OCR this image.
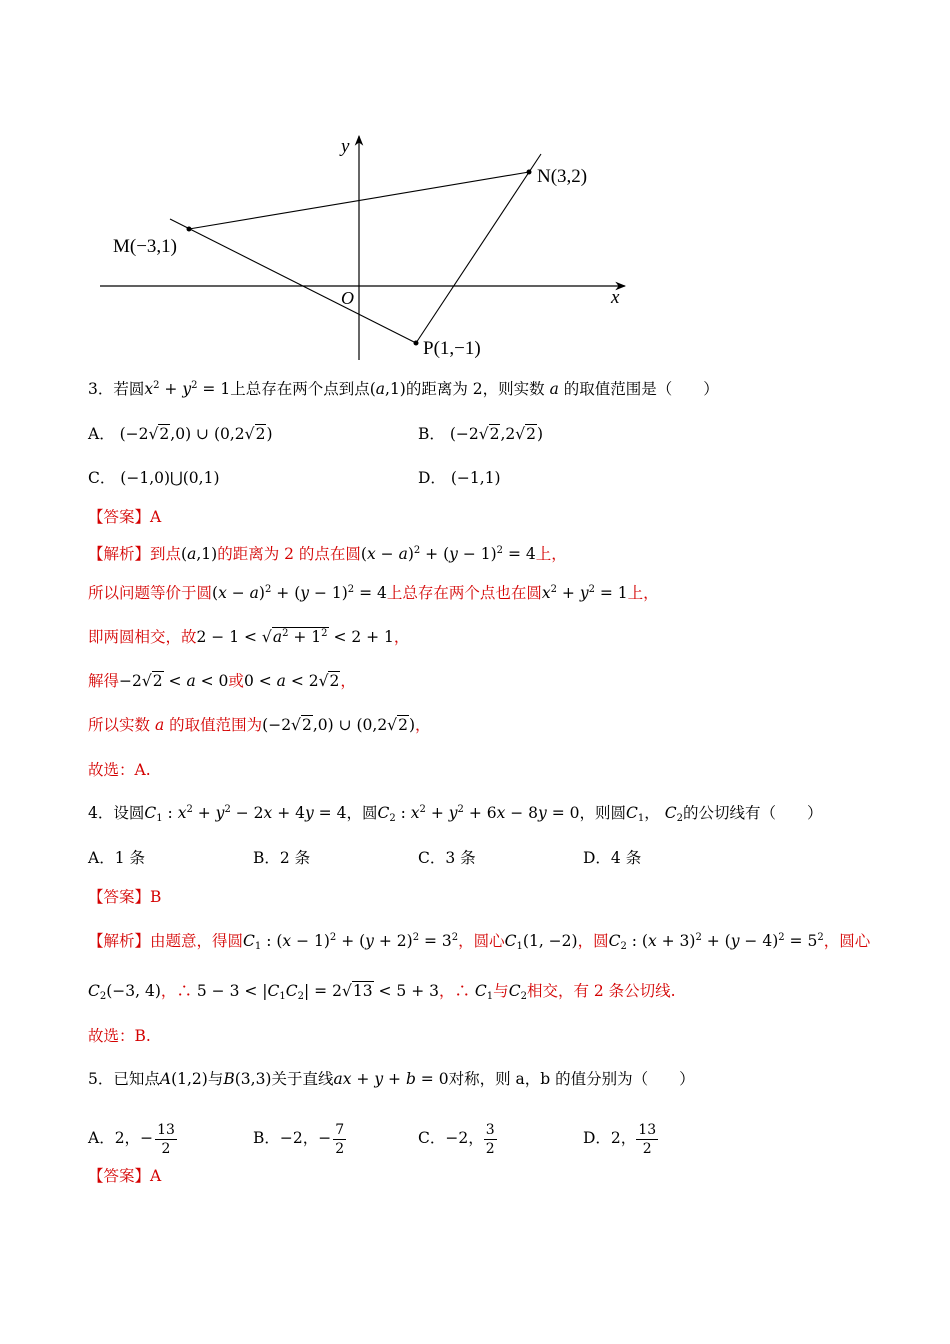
y
x
O
M(−3,1)
N(3,2)
P(1,−1)
3．若圆$x^2 + y^2 = 1$上总存在两个点到点(a,1)的距离为 2，则实数 a 的取值范围是（　　）
A． (−2√2,0) ∪ (0,2√2)	B． (−2√2,2√2)
C． (−1,0)⋃(0,1)	D． (−1,1)
【答案】A
【解析】到点(a,1)的距离为 2 的点在圆$(x - a)^2 + (y - 1)^2 = 4$上，
所以问题等价于圆$(x - a)^2 + (y - 1)^2 = 4$上总存在两个点也在圆$x^2 + y^2 = 1$上，
即两圆相交，故$2 - 1 < √a^2 + 1^2 < 2 + 1$，
解得−2√2 < a < 0或0 < a < 2√2，
所以实数 a 的取值范围为(−2√2,0) ∪ (0,2√2)，
故选：A.
4．设圆$C_1$ : $x^2 + y^2 - 2x + 4y = 4$，圆$C_2$ : $x^2 + y^2 + 6x - 8y = 0$，则圆$C_1$， $C_2$的公切线有（　　）
A．1 条	B．2 条	C．3 条	D．4 条
【答案】B
【解析】由题意，得圆$C_1$ : $(x - 1)^2 + (y + 2)^2 = 3^2$，圆心$C_1(1$, −2)，圆$C_2$ : $(x + 3)^2 + (y - 4)^2 = 5^2$，圆心
$C_2(-3$, 4)，∴ $5 - 3 < |C_1C_2| = 2√13 < 5 + 3$，∴ $C_1$与$C_2$相交，有 2 条公切线.
故选：B.
5．已知点A(1,2)与B(3,3)关于直线ax + y + b = 0对称，则 a，b 的值分别为（　　）
A．2，− $\frac{13}{2}$	B．−2，− $\frac{7}{2}$	C．−2， $\frac{3}{2}$	D．2， $\frac{13}{2}$
【答案】A
